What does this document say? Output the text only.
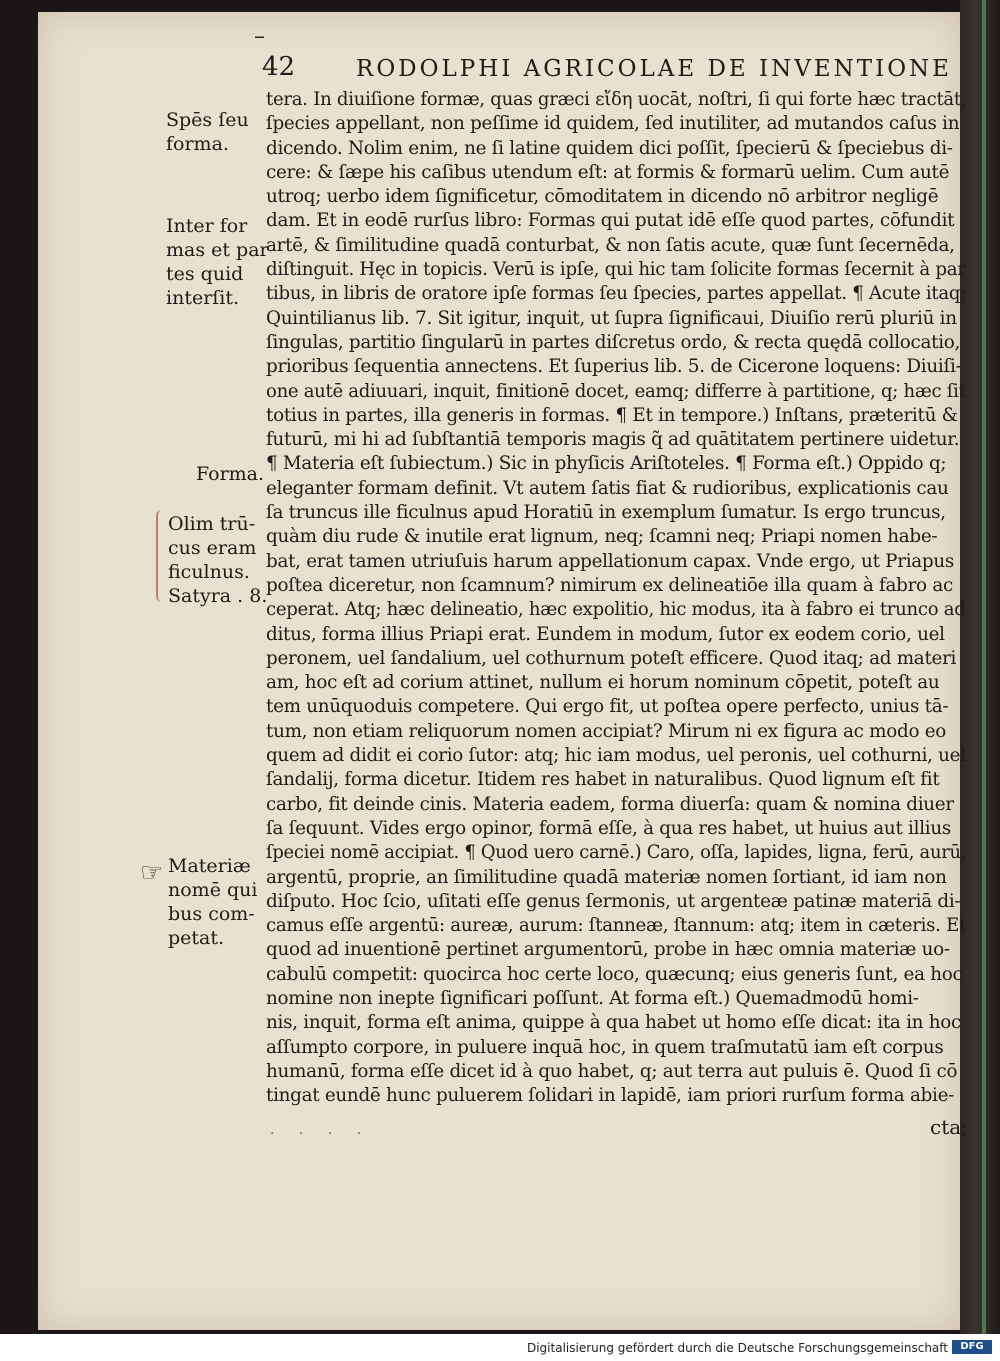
–
42	RODOLPHI AGRICOLAE DE INVENTIONE
Spēs ſeu
forma.
Inter for
mas et par
tes quid
interſit.
Forma.
Olim trū-
cus eram
ficulnus.
Satyra . 8.
☞ Materiæ
nomē qui
bus com-
petat.
tera. In diuiſione formæ, quas græci εἴδη uocāt, noſtri, ſi qui forte hæc tractāt,
ſpecies appellant, non peſſime id quidem, ſed inutiliter, ad mutandos caſus in
dicendo. Nolim enim, ne ſi latine quidem dici poſſit, ſpecierū & ſpeciebus di-
cere: & ſæpe his caſibus utendum eſt: at formis & formarū uelim. Cum autē
utroq; uerbo idem ſignificetur, cōmoditatem in dicendo nō arbitror negligē
dam. Et in eodē rurſus libro: Formas qui putat idē eſſe quod partes, cōfundit
artē, & ſimilitudine quadā conturbat, & non ſatis acute, quæ ſunt ſecernēda,
diſtinguit. Hęc in topicis. Verū is ipſe, qui hic tam ſolicite formas ſecernit à par
tibus, in libris de oratore ipſe formas ſeu ſpecies, partes appellat. ¶ Acute itaq;
Quintilianus lib. 7. Sit igitur, inquit, ut ſupra ſignificaui, Diuiſio rerū pluriū in
ſingulas, partitio ſingularū in partes diſcretus ordo, & recta quędā collocatio,
prioribus ſequentia annectens. Et ſuperius lib. 5. de Cicerone loquens: Diuiſi-
one autē adiuuari, inquit, finitionē docet, eamq; differre à partitione, q; hæc ſit
totius in partes, illa generis in formas. ¶ Et in tempore.) Inſtans, præteritū &
futurū, mi hi ad ſubſtantiā temporis magis q̃ ad quātitatem pertinere uidetur.
¶ Materia eſt ſubiectum.) Sic in phyſicis Ariſtoteles. ¶ Forma eſt.) Oppido q;
eleganter formam definit. Vt autem ſatis fiat & rudioribus, explicationis cau
ſa truncus ille ficulnus apud Horatiū in exemplum ſumatur. Is ergo truncus,
quàm diu rude & inutile erat lignum, neq; ſcamni neq; Priapi nomen habe-
bat, erat tamen utriuſuis harum appellationum capax. Vnde ergo, ut Priapus
poſtea diceretur, non ſcamnum? nimirum ex delineatiōe illa quam à fabro ac
ceperat. Atq; hæc delineatio, hæc expolitio, hic modus, ita à fabro ei trunco ad
ditus, forma illius Priapi erat. Eundem in modum, ſutor ex eodem corio, uel
peronem, uel ſandalium, uel cothurnum poteſt efficere. Quod itaq; ad materi
am, hoc eſt ad corium attinet, nullum ei horum nominum cōpetit, poteſt au
tem unūquoduis competere. Qui ergo fit, ut poſtea opere perfecto, unius tā-
tum, non etiam reliquorum nomen accipiat? Mirum ni ex figura ac modo eo
quem ad didit ei corio ſutor: atq; hic iam modus, uel peronis, uel cothurni, uel
ſandalij, forma dicetur. Itidem res habet in naturalibus. Quod lignum eſt fit
carbo, fit deinde cinis. Materia eadem, forma diuerſa: quam & nomina diuer
ſa ſequunt. Vides ergo opinor, formā eſſe, à qua res habet, ut huius aut illius
ſpeciei nomē accipiat. ¶ Quod uero carnē.) Caro, oſſa, lapides, ligna, ferū, aurū,
argentū, proprie, an ſimilitudine quadā materiæ nomen ſortiant, id iam non
diſputo. Hoc ſcio, uſitati eſſe genus ſermonis, ut argenteæ patinæ materiā di-
camus eſſe argentū: aureæ, aurum: ſtanneæ, ſtannum: atq; item in cæteris. Et
quod ad inuentionē pertinet argumentorū, probe in hæc omnia materiæ uo-
cabulū competit: quocirca hoc certe loco, quæcunq; eius generis ſunt, ea hoc
nomine non inepte ſignificari poſſunt. At forma eſt.) Quemadmodū homi-
nis, inquit, forma eſt anima, quippe à qua habet ut homo eſſe dicat: ita in hoc
aſſumpto corpore, in puluere inquā hoc, in quem traſmutatū iam eſt corpus
humanū, forma eſſe dicet id à quo habet, q; aut terra aut puluis ē. Quod ſi cō
tingat eundē hunc puluerem ſolidari in lapidē, iam priori rurſum forma abie-
cta;
· · · ·
Digitalisierung gefördert durch die Deutsche Forschungsgemeinschaft	DFG
